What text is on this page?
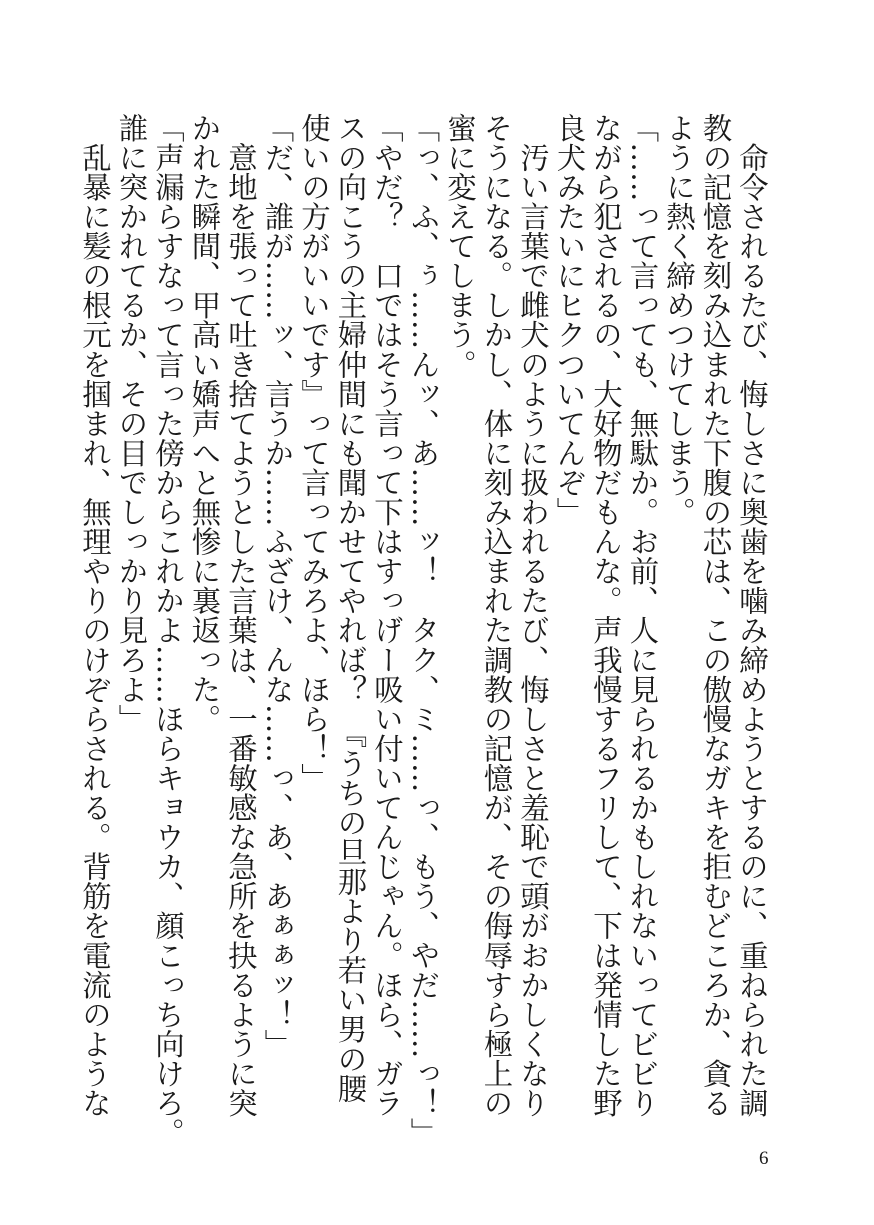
　命令されるたび、悔しさに奥歯を噛み締めようとするのに、重ねられた調
教の記憶を刻み込まれた下腹の芯は、この傲慢なガキを拒むどころか、貪る
ように熱く締めつけてしまう。
「……って言っても、無駄か。お前、人に見られるかもしれないってビビり
ながら犯されるの、大好物だもんな。声我慢するフリして、下は発情した野
良犬みたいにヒクついてんぞ」
　汚い言葉で雌犬のように扱われるたび、悔しさと羞恥で頭がおかしくなり
そうになる。しかし、体に刻み込まれた調教の記憶が、その侮辱すら極上の
蜜に変えてしまう。
「っ、ふ、ぅ……んッ、あ……ッ！　タク、ミ……っ、もう、やだ……っ！」
「やだ？　口ではそう言って下はすっげー吸い付いてんじゃん。ほら、ガラ
スの向こうの主婦仲間にも聞かせてやれば？　『うちの旦那より若い男の腰
使いの方がいいです』って言ってみろよ、ほら！」
「だ、誰が……ッ、言うか……ふざけ、んな……っ、あ、あぁぁッ！」
　意地を張って吐き捨てようとした言葉は、一番敏感な急所を抉るように突
かれた瞬間、甲高い嬌声へと無惨に裏返った。
「声漏らすなって言った傍からこれかよ……ほらキョウカ、顔こっち向けろ。
誰に突かれてるか、その目でしっかり見ろよ」
　乱暴に髪の根元を掴まれ、無理やりのけぞらされる。背筋を電流のような
6
